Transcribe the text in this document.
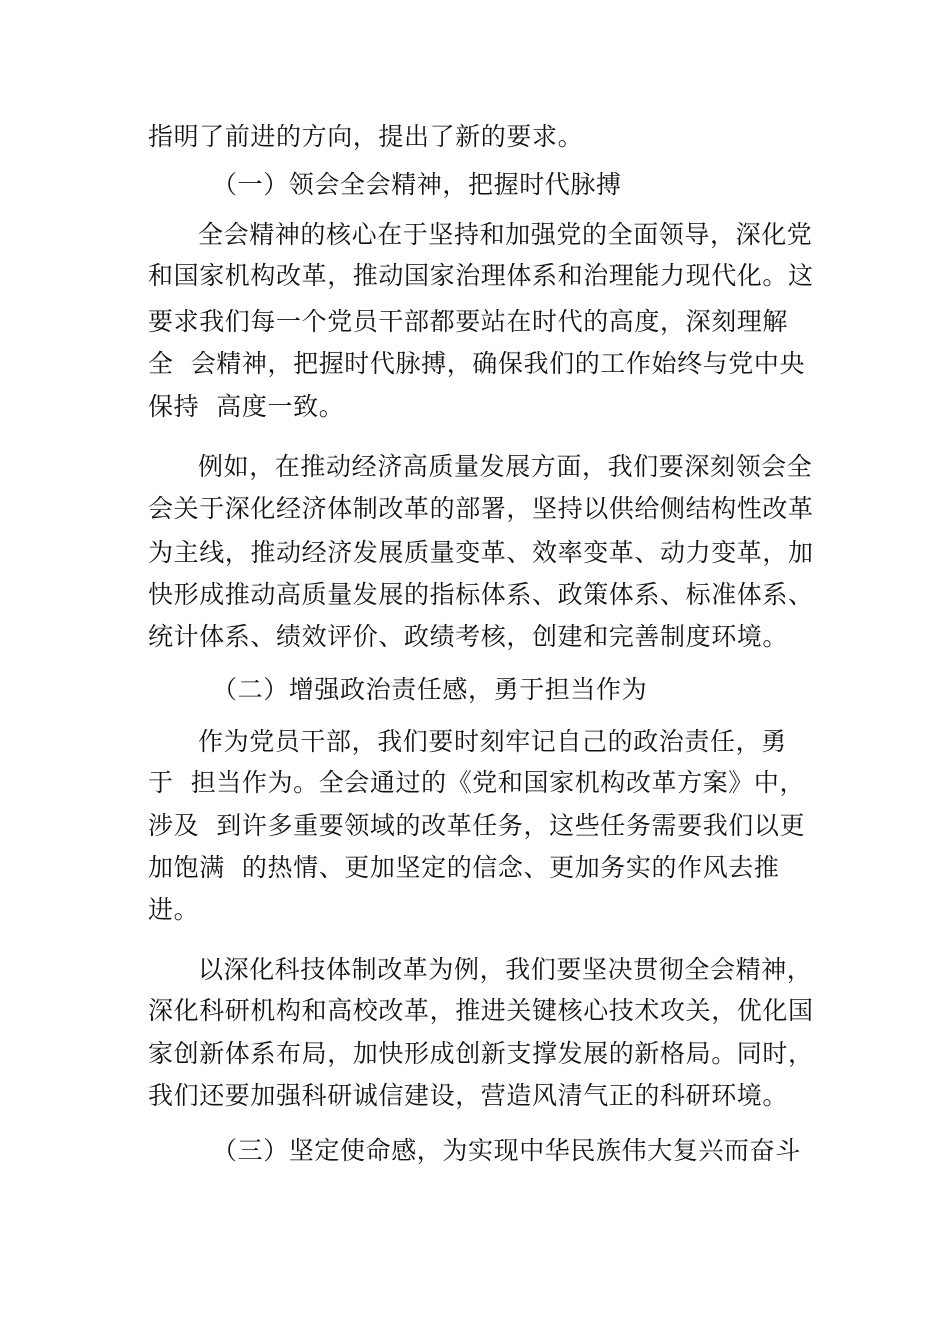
指明了前进的方向，提出了新的要求。
（一）领会全会精神，把握时代脉搏
全会精神的核心在于坚持和加强党的全面领导，深化党
和国家机构改革，推动国家治理体系和治理能力现代化。这
要求我们每一个党员干部都要站在时代的高度，深刻理解
全  会精神，把握时代脉搏，确保我们的工作始终与党中央
保持  高度一致。
例如，在推动经济高质量发展方面，我们要深刻领会全
会关于深化经济体制改革的部署，坚持以供给侧结构性改革
为主线，推动经济发展质量变革、效率变革、动力变革，加
快形成推动高质量发展的指标体系、政策体系、标准体系、
统计体系、绩效评价、政绩考核，创建和完善制度环境。
（二）增强政治责任感，勇于担当作为
作为党员干部，我们要时刻牢记自己的政治责任，勇
于  担当作为。全会通过的《党和国家机构改革方案》中，
涉及  到许多重要领域的改革任务，这些任务需要我们以更
加饱满  的热情、更加坚定的信念、更加务实的作风去推
进。
以深化科技体制改革为例，我们要坚决贯彻全会精神，
深化科研机构和高校改革，推进关键核心技术攻关，优化国
家创新体系布局，加快形成创新支撑发展的新格局。同时，
我们还要加强科研诚信建设，营造风清气正的科研环境。
（三）坚定使命感，为实现中华民族伟大复兴而奋斗
